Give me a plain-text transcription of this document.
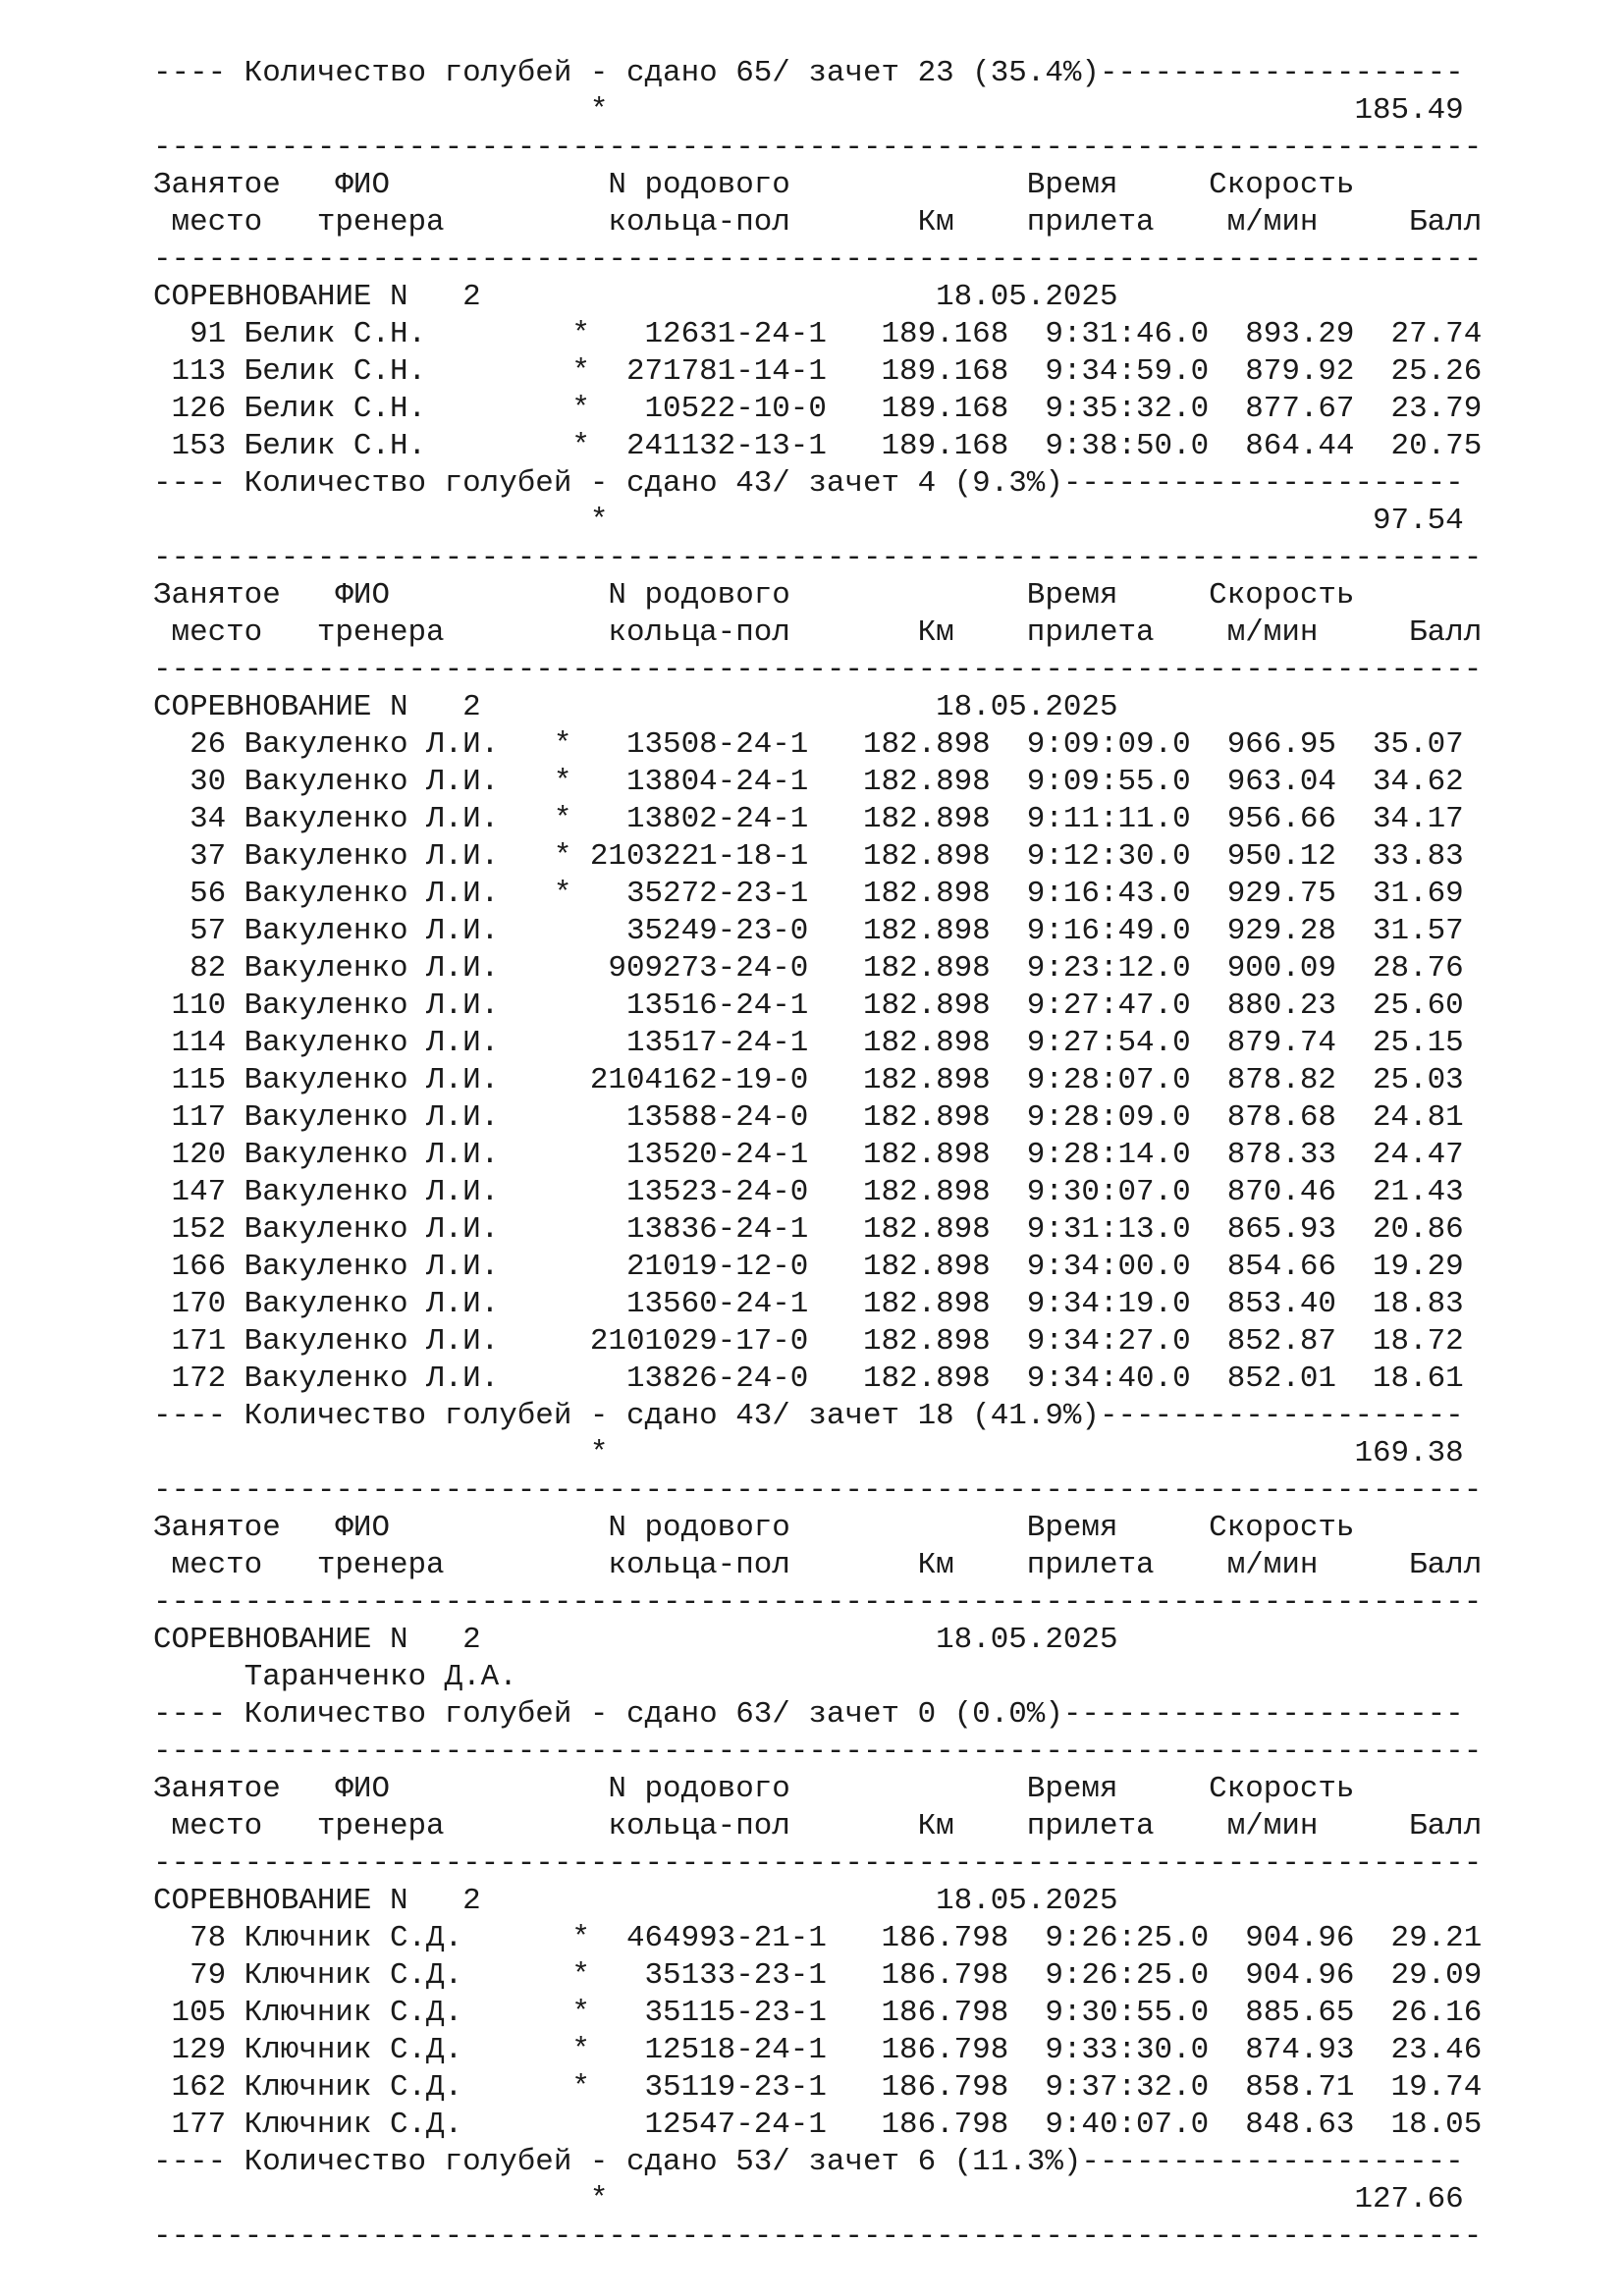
---- Количество голубей - сдано 65/ зачет 23 (35.4%)--------------------
*                                         185.49
-------------------------------------------------------------------------
Занятое   ФИО            N родового             Время     Скорость
место   тренера         кольца-пол       Км    прилета    м/мин     Балл
-------------------------------------------------------------------------
СОРЕВНОВАНИЕ N   2                         18.05.2025
91 Белик С.Н.        *   12631-24-1   189.168  9:31:46.0  893.29  27.74
113 Белик С.Н.        *  271781-14-1   189.168  9:34:59.0  879.92  25.26
126 Белик С.Н.        *   10522-10-0   189.168  9:35:32.0  877.67  23.79
153 Белик С.Н.        *  241132-13-1   189.168  9:38:50.0  864.44  20.75
---- Количество голубей - сдано 43/ зачет 4 (9.3%)----------------------
*                                          97.54
-------------------------------------------------------------------------
Занятое   ФИО            N родового             Время     Скорость
место   тренера         кольца-пол       Км    прилета    м/мин     Балл
-------------------------------------------------------------------------
СОРЕВНОВАНИЕ N   2                         18.05.2025
26 Вакуленко Л.И.   *   13508-24-1   182.898  9:09:09.0  966.95  35.07
30 Вакуленко Л.И.   *   13804-24-1   182.898  9:09:55.0  963.04  34.62
34 Вакуленко Л.И.   *   13802-24-1   182.898  9:11:11.0  956.66  34.17
37 Вакуленко Л.И.   * 2103221-18-1   182.898  9:12:30.0  950.12  33.83
56 Вакуленко Л.И.   *   35272-23-1   182.898  9:16:43.0  929.75  31.69
57 Вакуленко Л.И.       35249-23-0   182.898  9:16:49.0  929.28  31.57
82 Вакуленко Л.И.      909273-24-0   182.898  9:23:12.0  900.09  28.76
110 Вакуленко Л.И.       13516-24-1   182.898  9:27:47.0  880.23  25.60
114 Вакуленко Л.И.       13517-24-1   182.898  9:27:54.0  879.74  25.15
115 Вакуленко Л.И.     2104162-19-0   182.898  9:28:07.0  878.82  25.03
117 Вакуленко Л.И.       13588-24-0   182.898  9:28:09.0  878.68  24.81
120 Вакуленко Л.И.       13520-24-1   182.898  9:28:14.0  878.33  24.47
147 Вакуленко Л.И.       13523-24-0   182.898  9:30:07.0  870.46  21.43
152 Вакуленко Л.И.       13836-24-1   182.898  9:31:13.0  865.93  20.86
166 Вакуленко Л.И.       21019-12-0   182.898  9:34:00.0  854.66  19.29
170 Вакуленко Л.И.       13560-24-1   182.898  9:34:19.0  853.40  18.83
171 Вакуленко Л.И.     2101029-17-0   182.898  9:34:27.0  852.87  18.72
172 Вакуленко Л.И.       13826-24-0   182.898  9:34:40.0  852.01  18.61
---- Количество голубей - сдано 43/ зачет 18 (41.9%)--------------------
*                                         169.38
-------------------------------------------------------------------------
Занятое   ФИО            N родового             Время     Скорость
место   тренера         кольца-пол       Км    прилета    м/мин     Балл
-------------------------------------------------------------------------
СОРЕВНОВАНИЕ N   2                         18.05.2025
Таранченко Д.А.
---- Количество голубей - сдано 63/ зачет 0 (0.0%)----------------------
-------------------------------------------------------------------------
Занятое   ФИО            N родового             Время     Скорость
место   тренера         кольца-пол       Км    прилета    м/мин     Балл
-------------------------------------------------------------------------
СОРЕВНОВАНИЕ N   2                         18.05.2025
78 Ключник С.Д.      *  464993-21-1   186.798  9:26:25.0  904.96  29.21
79 Ключник С.Д.      *   35133-23-1   186.798  9:26:25.0  904.96  29.09
105 Ключник С.Д.      *   35115-23-1   186.798  9:30:55.0  885.65  26.16
129 Ключник С.Д.      *   12518-24-1   186.798  9:33:30.0  874.93  23.46
162 Ключник С.Д.      *   35119-23-1   186.798  9:37:32.0  858.71  19.74
177 Ключник С.Д.          12547-24-1   186.798  9:40:07.0  848.63  18.05
---- Количество голубей - сдано 53/ зачет 6 (11.3%)---------------------
*                                         127.66
-------------------------------------------------------------------------
